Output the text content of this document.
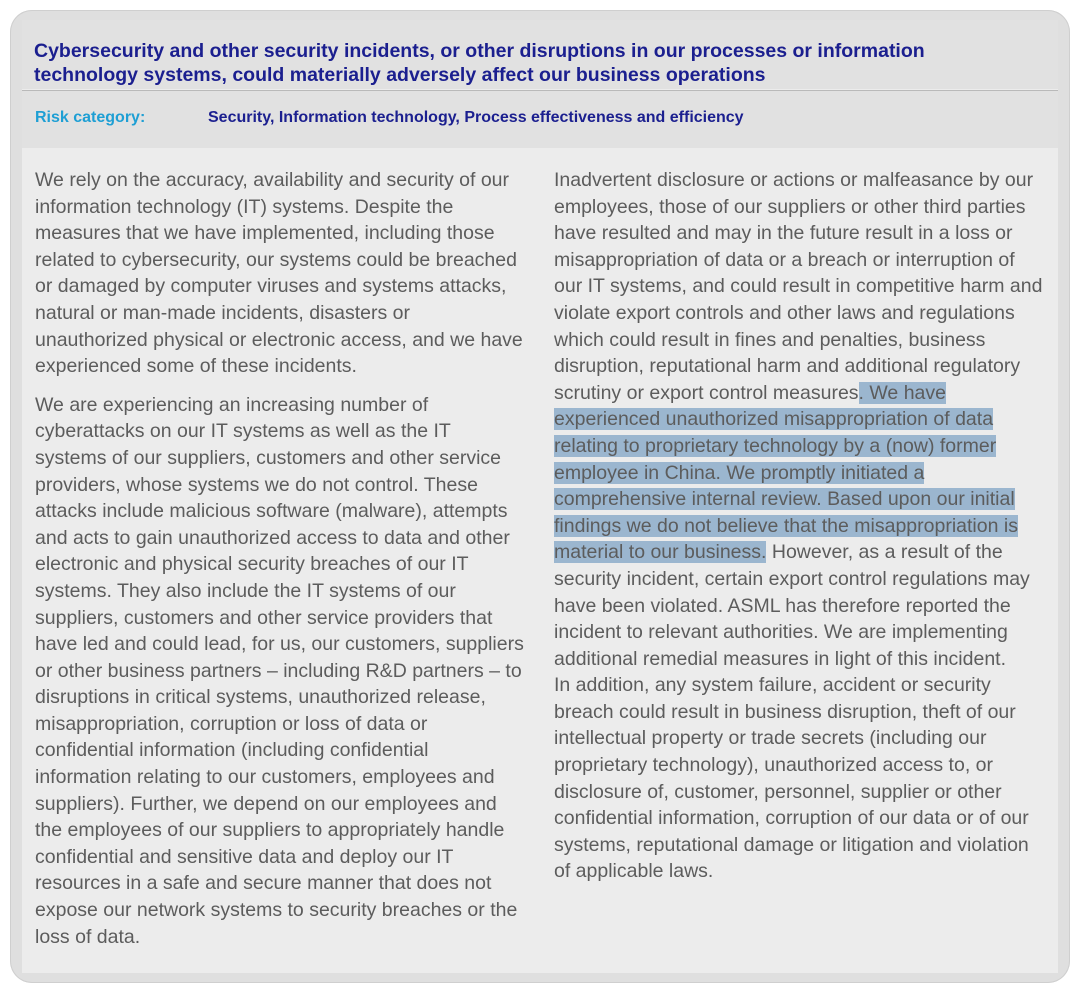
Cybersecurity and other security incidents, or other disruptions in our processes or information technology systems, could materially adversely affect our business operations
Risk category:	Security, Information technology, Process effectiveness and efficiency

We rely on the accuracy, availability and security of our information technology (IT) systems. Despite the measures that we have implemented, including those related to cybersecurity, our systems could be breached or damaged by computer viruses and systems attacks, natural or man-made incidents, disasters or unauthorized physical or electronic access, and we have experienced some of these incidents.

We are experiencing an increasing number of cyberattacks on our IT systems as well as the IT systems of our suppliers, customers and other service providers, whose systems we do not control. These attacks include malicious software (malware), attempts and acts to gain unauthorized access to data and other electronic and physical security breaches of our IT systems. They also include the IT systems of our suppliers, customers and other service providers that have led and could lead, for us, our customers, suppliers or other business partners – including R&D partners – to disruptions in critical systems, unauthorized release, misappropriation, corruption or loss of data or confidential information (including confidential information relating to our customers, employees and suppliers). Further, we depend on our employees and the employees of our suppliers to appropriately handle confidential and sensitive data and deploy our IT resources in a safe and secure manner that does not expose our network systems to security breaches or the loss of data.

Inadvertent disclosure or actions or malfeasance by our employees, those of our suppliers or other third parties have resulted and may in the future result in a loss or misappropriation of data or a breach or interruption of our IT systems, and could result in competitive harm and violate export controls and other laws and regulations which could result in fines and penalties, business disruption, reputational harm and additional regulatory scrutiny or export control measures. We have experienced unauthorized misappropriation of data relating to proprietary technology by a (now) former employee in China. We promptly initiated a comprehensive internal review. Based upon our initial findings we do not believe that the misappropriation is material to our business. However, as a result of the security incident, certain export control regulations may have been violated. ASML has therefore reported the incident to relevant authorities. We are implementing additional remedial measures in light of this incident.

In addition, any system failure, accident or security breach could result in business disruption, theft of our intellectual property or trade secrets (including our proprietary technology), unauthorized access to, or disclosure of, customer, personnel, supplier or other confidential information, corruption of our data or of our systems, reputational damage or litigation and violation of applicable laws.
